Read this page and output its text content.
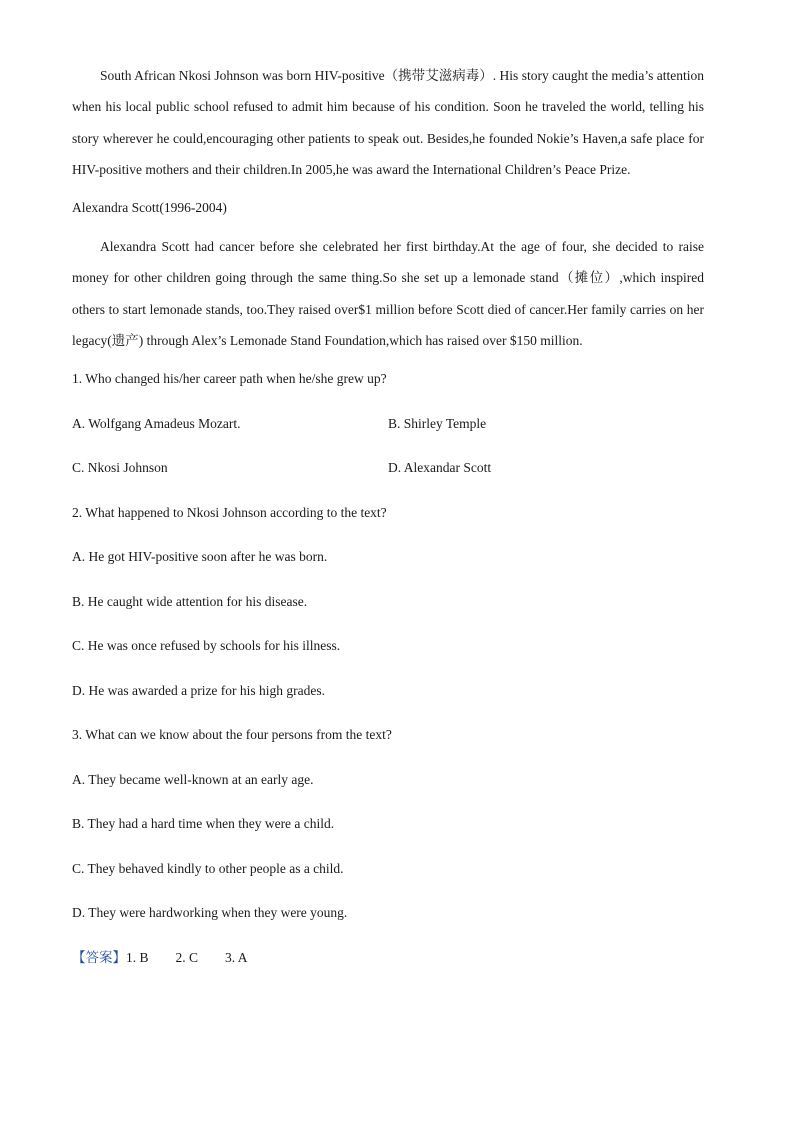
South African Nkosi Johnson was born HIV-positive（携带艾滋病毒）. His story caught the media’s attention when his local public school refused to admit him because of his condition. Soon he traveled the world, telling his story wherever he could,encouraging other patients to speak out. Besides,he founded Nokie’s Haven,a safe place for HIV-positive mothers and their children.In 2005,he was award the International Children’s Peace Prize.

Alexandra Scott(1996-2004)

Alexandra Scott had cancer before she celebrated her first birthday.At the age of four, she decided to raise money for other children going through the same thing.So she set up a lemonade stand（摊位）,which inspired others to start lemonade stands, too.They raised over$1 million before Scott died of cancer.Her family carries on her legacy(遗产) through Alex’s Lemonade Stand Foundation,which has raised over $150 million.

1. Who changed his/her career path when he/she grew up?

A. Wolfgang Amadeus Mozart.	B. Shirley Temple
C. Nkosi Johnson	D. Alexandar Scott

2. What happened to Nkosi Johnson according to the text?

A. He got HIV-positive soon after he was born.

B. He caught wide attention for his disease.

C. He was once refused by schools for his illness.

D. He was awarded a prize for his high grades.

3. What can we know about the four persons from the text?

A. They became well-known at an early age.

B. They had a hard time when they were a child.

C. They behaved kindly to other people as a child.

D. They were hardworking when they were young.

【答案】1. B        2. C        3. A
